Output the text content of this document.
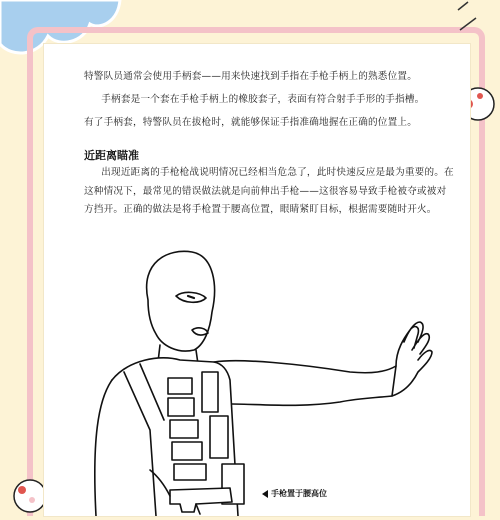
特警队员通常会使用手柄套——用来快速找到手指在手枪手柄上的熟悉位置。
手柄套是一个套在手枪手柄上的橡胶套子，表面有符合射手手形的手指槽。
有了手柄套，特警队员在拔枪时，就能够保证手指准确地握在正确的位置上。
近距离瞄准
出现近距离的手枪枪战说明情况已经相当危急了，此时快速反应是最为重要的。在这种情况下，最常见的错误做法就是向前伸出手枪——这很容易导致手枪被夺或被对方挡开。正确的做法是将手枪置于腰高位置，眼睛紧盯目标，根据需要随时开火。
手枪置于腰高位
